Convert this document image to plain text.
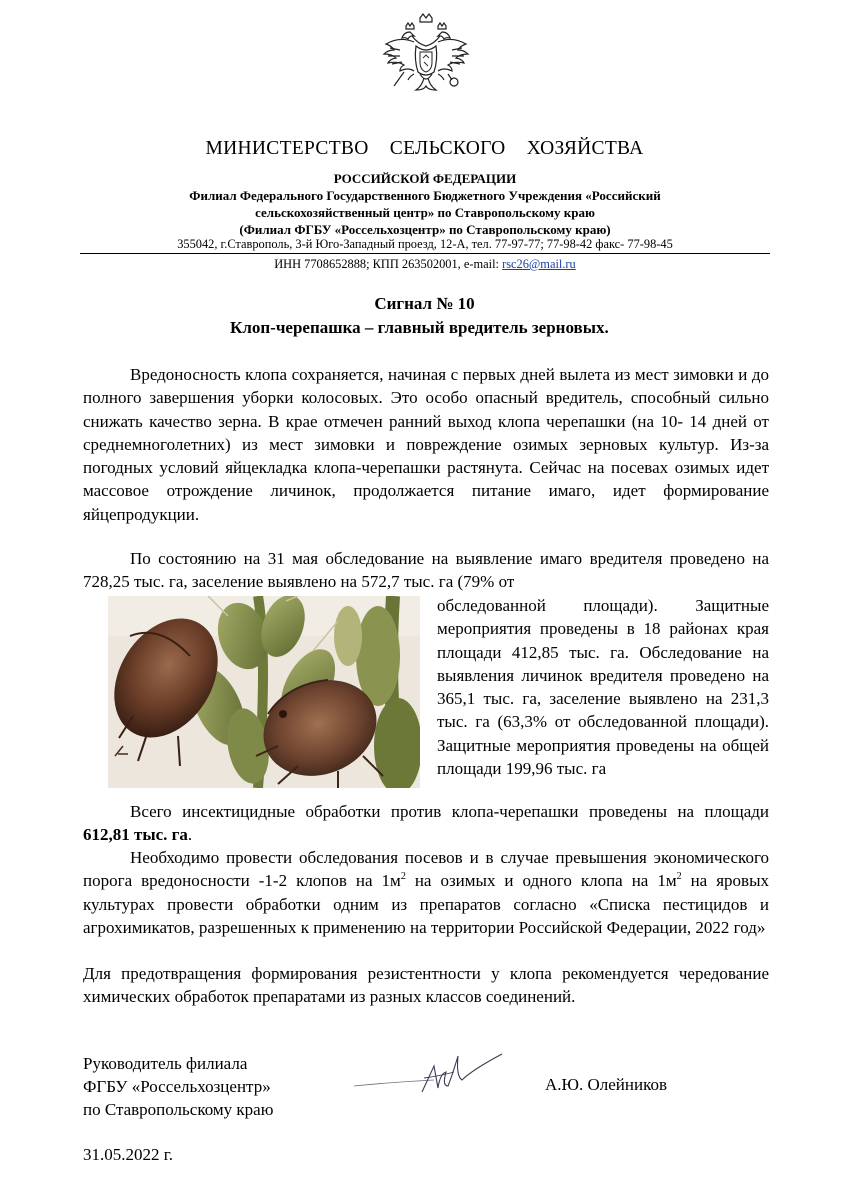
МИНИСТЕРСТВО СЕЛЬСКОГО ХОЗЯЙСТВА
РОССИЙСКОЙ ФЕДЕРАЦИИ
Филиал Федерального Государственного Бюджетного Учреждения «Российский
сельскохозяйственный центр» по Ставропольскому краю
(Филиал ФГБУ «Россельхозцентр» по Ставропольскому краю)
355042, г.Ставрополь, 3-й Юго-Западный проезд, 12-А, тел. 77-97-77; 77-98-42 факс- 77-98-45
ИНН 7708652888; КПП 263502001, e-mail: rsc26@mail.ru
Сигнал № 10
Клоп-черепашка – главный вредитель зерновых.

Вредоносность клопа сохраняется, начиная с первых дней вылета из мест зимовки и до полного завершения уборки колосовых. Это особо опасный вредитель, способный сильно снижать качество зерна. В крае отмечен ранний выход клопа черепашки (на 10- 14 дней от среднемноголетних) из мест зимовки и повреждение озимых зерновых культур. Из-за погодных условий яйцекладка клопа-черепашки растянута. Сейчас на посевах озимых идет массовое отрождение личинок, продолжается питание имаго, идет формирование яйцепродукции.

По состоянию на 31 мая обследование на выявление имаго вредителя проведено на 728,25 тыс. га, заселение выявлено на 572,7 тыс. га (79% от

обследованной площади). Защитные мероприятия проведены в 18 районах края площади 412,85 тыс. га. Обследование на выявления личинок вредителя проведено на 365,1 тыс. га, заселение выявлено на 231,3 тыс. га (63,3% от обследованной площади). Защитные мероприятия проведены на общей площади 199,96 тыс. га

Всего инсектицидные обработки против клопа-черепашки проведены на площади 612,81 тыс. га.

Необходимо провести обследования посевов и в случае превышения экономического порога вредоносности -1-2 клопов на $1м^2$ на озимых и одного клопа на $1м^2$ на яровых культурах провести обработки одним из препаратов согласно «Списка пестицидов и агрохимикатов, разрешенных к применению на территории Российской Федерации, 2022 год»

Для предотвращения формирования резистентности у клопа рекомендуется чередование химических обработок препаратами из разных классов соединений.

Руководитель филиала
ФГБУ «Россельхозцентр»
по Ставропольскому краю
А.Ю. Олейников
31.05.2022 г.
